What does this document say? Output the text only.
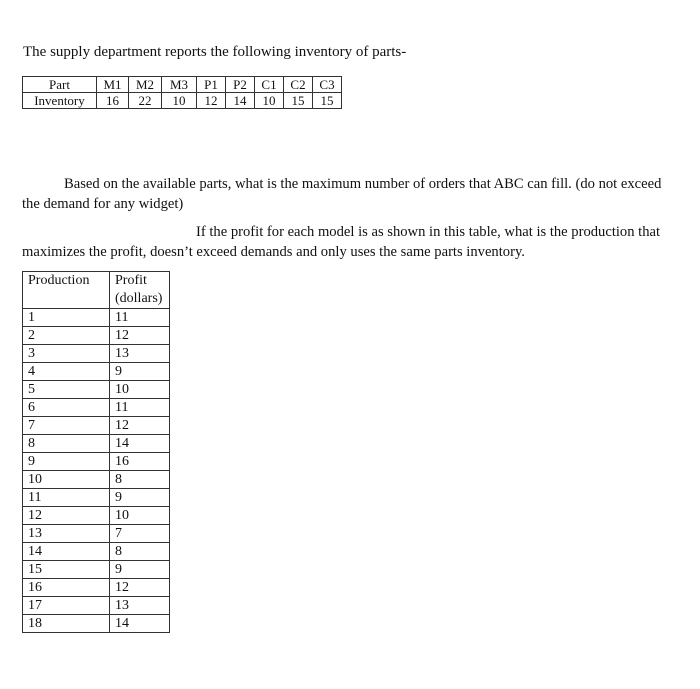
The supply department reports the following inventory of parts-
Part	M1	M2	M3	P1	P2	C1	C2	C3
Inventory	16	22	10	12	14	10	15	15
Based on the available parts, what is the maximum number of orders that ABC can fill. (do not exceed the demand for any widget)
If the profit for each model is as shown in this table, what is the production that maximizes the profit, doesn’t exceed demands and only uses the same parts inventory.
Production	Profit (dollars)
1	11
2	12
3	13
4	9
5	10
6	11
7	12
8	14
9	16
10	8
11	9
12	10
13	7
14	8
15	9
16	12
17	13
18	14
